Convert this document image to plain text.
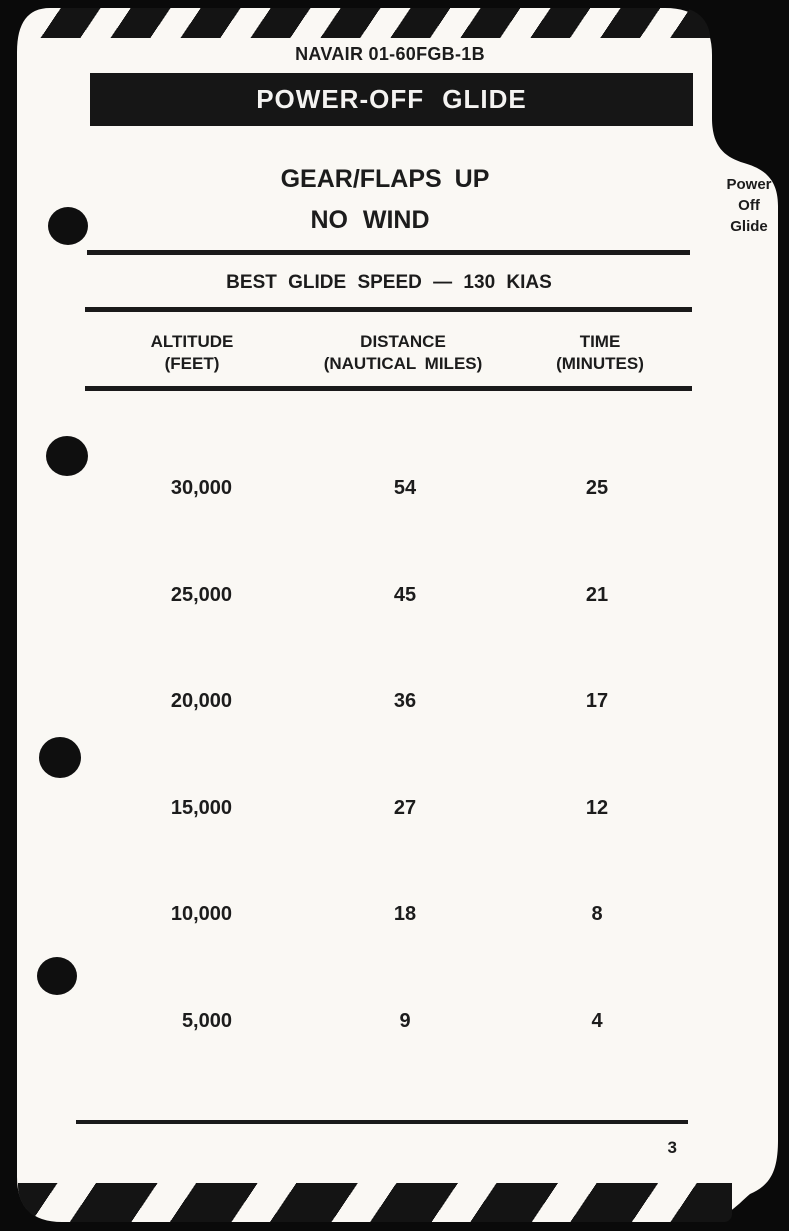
NAVAIR 01-60FGB-1B
POWER-OFF GLIDE
GEAR/FLAPS UP
NO WIND
Power
Off
Glide
BEST GLIDE SPEED — 130 KIAS
ALTITUDE
(FEET)
DISTANCE
(NAUTICAL MILES)
TIME
(MINUTES)
30,000	54	25
25,000	45	21
20,000	36	17
15,000	27	12
10,000	18	8
5,000	9	4
3
